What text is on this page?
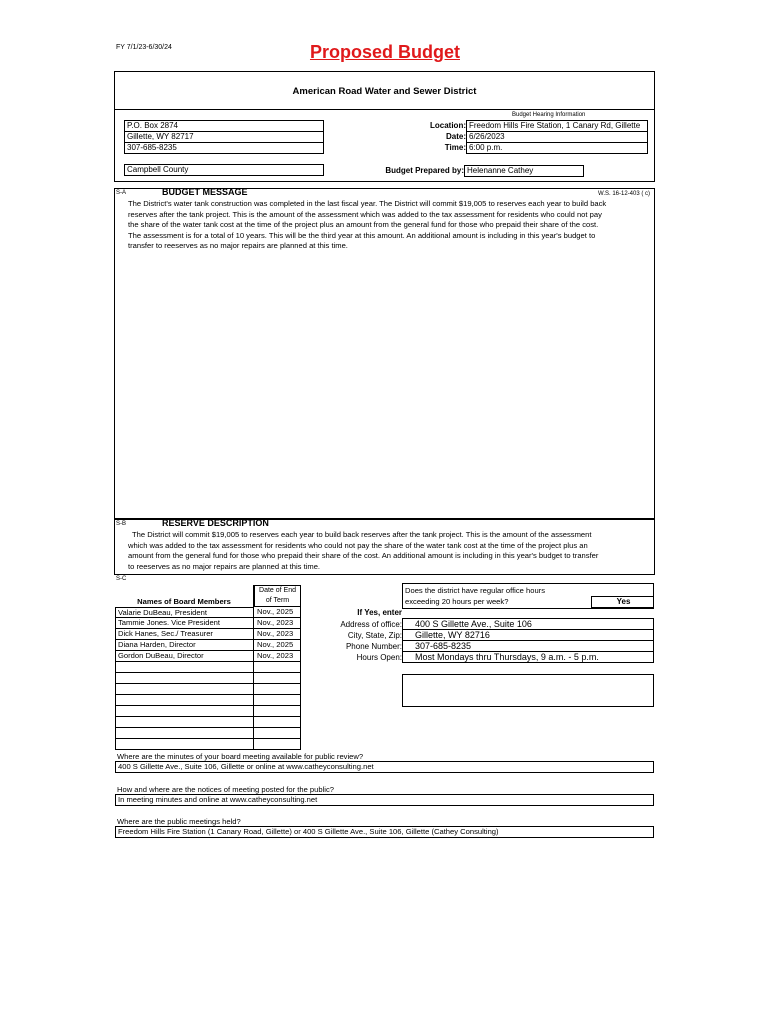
FY 7/1/23-6/30/24	Proposed Budget
American Road Water and Sewer District
P.O. Box 2874
Gillette, WY 82717
307-685-8235
Campbell County
Budget Hearing Information
Location: Freedom Hills Fire Station, 1 Canary Rd, Gillette
Date: 6/26/2023
Time: 6:00 p.m.
Budget Prepared by: Helenanne Cathey
S-A	BUDGET MESSAGE	W.S. 16-12-403 ( c)
The District's water tank construction was completed in the last fiscal year. The District will commit $19,005 to reserves each year to build back
reserves after the tank project. This is the amount of the assessment which was added to the tax assessment for residents who could not pay
the share of the water tank cost at the time of the project plus an amount from the general fund for those who prepaid their share of the cost.
The assessment is for a total of 10 years. This will be the third year at this amount. An additional amount is including in this year's budget to
transfer to reeserves as no major repairs are planned at this time.
S-B	RESERVE DESCRIPTION
The District will commit $19,005 to reserves each year to build back reserves after the tank project. This is the amount of the assessment
which was added to the tax assessment for residents who could not pay the share of the water tank cost at the time of the project plus an
amount from the general fund for those who prepaid their share of the cost. An additional amount is including in this year's budget to transfer
to reeserves as no major repairs are planned at this time.
S-C
Names of Board Members
Date of End
of Term
Valarie DuBeau, President	Nov., 2025
Tammie Jones. Vice President	Nov., 2023
Dick Hanes, Sec./ Treasurer	Nov., 2023
Diana Harden, Director	Nov., 2025
Gordon DuBeau, Director	Nov., 2023
Does the district have regular office hours
exceeding 20 hours per week?	Yes
If Yes, enter
Address of office:	400 S Gillette Ave., Suite 106
City, State, Zip:	Gillette, WY 82716
Phone Number:	307-685-8235
Hours Open:	Most Mondays thru Thursdays, 9 a.m. - 5 p.m.
Where are the minutes of your board meeting available for public review?
400 S Gillette Ave., Suite 106, Gillette or online at www.catheyconsulting.net
How and where are the notices of meeting posted for the public?
In meeting minutes and online at www.catheyconsulting.net
Where are the public meetings held?
Freedom Hills Fire Station (1 Canary Road, Gillette) or 400 S Gillette Ave., Suite 106, Gillette (Cathey Consulting)
